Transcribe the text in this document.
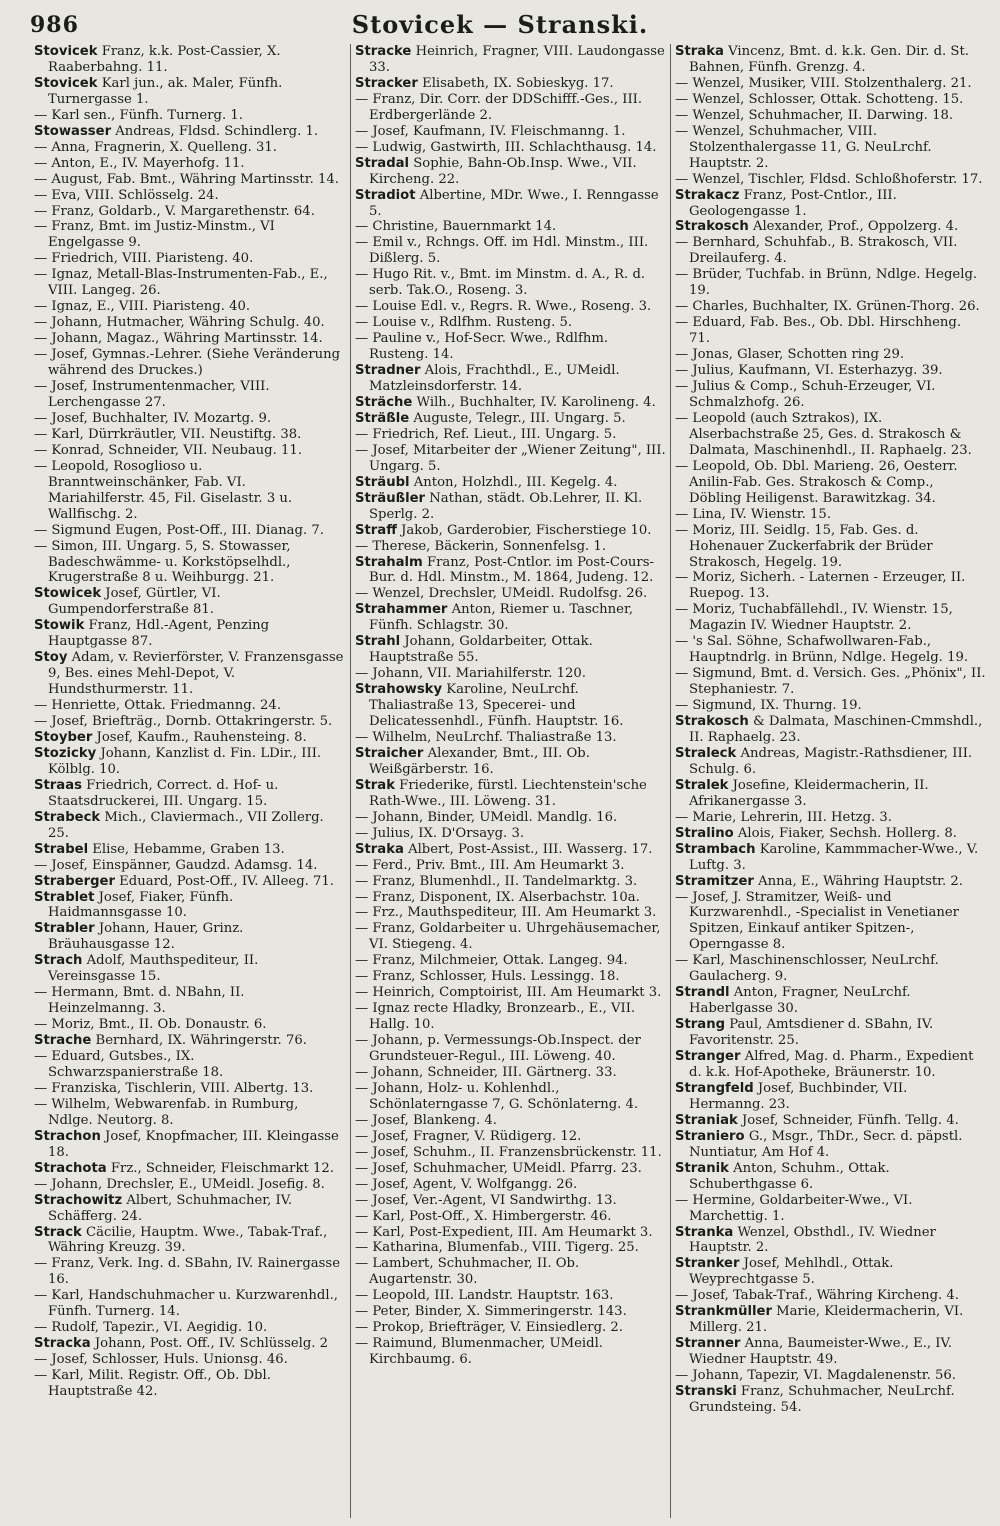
986	Stovicek — Stranski.

Stovicek Franz, k.k. Post-Cassier, X. Raaberbahng. 11.

Stovicek Karl jun., ak. Maler, Fünfh. Turnergasse 1.

— Karl sen., Fünfh. Turnerg. 1.

Stowasser Andreas, Fldsd. Schindlerg. 1.

— Anna, Fragnerin, X. Quelleng. 31.

— Anton, E., IV. Mayerhofg. 11.

— August, Fab. Bmt., Währing Martinsstr. 14.

— Eva, VIII. Schlösselg. 24.

— Franz, Goldarb., V. Margarethenstr. 64.

— Franz, Bmt. im Justiz-Minstm., VI Engelgasse 9.

— Friedrich, VIII. Piaristeng. 40.

— Ignaz, Metall-Blas-Instrumenten-Fab., E., VIII. Langeg. 26.

— Ignaz, E., VIII. Piaristeng. 40.

— Johann, Hutmacher, Währing Schulg. 40.

— Johann, Magaz., Währing Martinsstr. 14.

— Josef, Gymnas.-Lehrer. (Siehe Veränderung während des Druckes.)

— Josef, Instrumentenmacher, VIII. Lerchengasse 27.

— Josef, Buchhalter, IV. Mozartg. 9.

— Karl, Dürrkräutler, VII. Neustiftg. 38.

— Konrad, Schneider, VII. Neubaug. 11.

— Leopold, Rosoglioso u. Branntweinschänker, Fab. VI. Mariahilferstr. 45, Fil. Giselastr. 3 u. Wallfischg. 2.

— Sigmund Eugen, Post-Off., III. Dianag. 7.

— Simon, III. Ungarg. 5, S. Stowasser, Badeschwämme- u. Korkstöpselhdl., Krugerstraße 8 u. Weihburgg. 21.

Stowicek Josef, Gürtler, VI. Gumpendorferstraße 81.

Stowik Franz, Hdl.-Agent, Penzing Hauptgasse 87.

Stoy Adam, v. Revierförster, V. Franzensgasse 9, Bes. eines Mehl-Depot, V. Hundsthurmerstr. 11.

— Henriette, Ottak. Friedmanng. 24.

— Josef, Briefträg., Dornb. Ottakringerstr. 5.

Stoyber Josef, Kaufm., Rauhensteing. 8.

Stozicky Johann, Kanzlist d. Fin. LDir., III. Kölblg. 10.

Straas Friedrich, Correct. d. Hof- u. Staatsdruckerei, III. Ungarg. 15.

Strabeck Mich., Claviermach., VII Zollerg. 25.

Strabel Elise, Hebamme, Graben 13.

— Josef, Einspänner, Gaudzd. Adamsg. 14.

Straberger Eduard, Post-Off., IV. Alleeg. 71.

Strablet Josef, Fiaker, Fünfh. Haidmannsgasse 10.

Strabler Johann, Hauer, Grinz. Bräuhausgasse 12.

Strach Adolf, Mauthspediteur, II. Vereinsgasse 15.

— Hermann, Bmt. d. NBahn, II. Heinzelmanng. 3.

— Moriz, Bmt., II. Ob. Donaustr. 6.

Strache Bernhard, IX. Währingerstr. 76.

— Eduard, Gutsbes., IX. Schwarzspanierstraße 18.

— Franziska, Tischlerin, VIII. Albertg. 13.

— Wilhelm, Webwarenfab. in Rumburg, Ndlge. Neutorg. 8.

Strachon Josef, Knopfmacher, III. Kleingasse 18.

Strachota Frz., Schneider, Fleischmarkt 12.

— Johann, Drechsler, E., UMeidl. Josefig. 8.

Strachowitz Albert, Schuhmacher, IV. Schäfferg. 24.

Strack Cäcilie, Hauptm. Wwe., Tabak-Traf., Währing Kreuzg. 39.

— Franz, Verk. Ing. d. SBahn, IV. Rainergasse 16.

— Karl, Handschuhmacher u. Kurzwarenhdl., Fünfh. Turnerg. 14.

— Rudolf, Tapezir., VI. Aegidig. 10.

Stracka Johann, Post. Off., IV. Schlüsselg. 2

— Josef, Schlosser, Huls. Unionsg. 46.

— Karl, Milit. Registr. Off., Ob. Dbl. Hauptstraße 42.

Stracke Heinrich, Fragner, VIII. Laudongasse 33.

Stracker Elisabeth, IX. Sobieskyg. 17.

— Franz, Dir. Corr. der DDSchifff.-Ges., III. Erdbergerlände 2.

— Josef, Kaufmann, IV. Fleischmanng. 1.

— Ludwig, Gastwirth, III. Schlachthausg. 14.

Stradal Sophie, Bahn-Ob.Insp. Wwe., VII. Kircheng. 22.

Stradiot Albertine, MDr. Wwe., I. Renngasse 5.

— Christine, Bauernmarkt 14.

— Emil v., Rchngs. Off. im Hdl. Minstm., III. Dißlerg. 5.

— Hugo Rit. v., Bmt. im Minstm. d. A., R. d. serb. Tak.O., Roseng. 3.

— Louise Edl. v., Regrs. R. Wwe., Roseng. 3.

— Louise v., Rdlfhm. Rusteng. 5.

— Pauline v., Hof-Secr. Wwe., Rdlfhm. Rusteng. 14.

Stradner Alois, Frachthdl., E., UMeidl. Matzleinsdorferstr. 14.

Sträche Wilh., Buchhalter, IV. Karolineng. 4.

Sträßle Auguste, Telegr., III. Ungarg. 5.

— Friedrich, Ref. Lieut., III. Ungarg. 5.

— Josef, Mitarbeiter der „Wiener Zeitung", III. Ungarg. 5.

Sträubl Anton, Holzhdl., III. Kegelg. 4.

Sträußler Nathan, städt. Ob.Lehrer, II. Kl. Sperlg. 2.

Straff Jakob, Garderobier, Fischerstiege 10.

— Therese, Bäckerin, Sonnenfelsg. 1.

Strahalm Franz, Post-Cntlor. im Post-Cours-Bur. d. Hdl. Minstm., M. 1864, Judeng. 12.

— Wenzel, Drechsler, UMeidl. Rudolfsg. 26.

Strahammer Anton, Riemer u. Taschner, Fünfh. Schlagstr. 30.

Strahl Johann, Goldarbeiter, Ottak. Hauptstraße 55.

— Johann, VII. Mariahilferstr. 120.

Strahowsky Karoline, NeuLrchf. Thaliastraße 13, Specerei- und Delicatessenhdl., Fünfh. Hauptstr. 16.

— Wilhelm, NeuLrchf. Thaliastraße 13.

Straicher Alexander, Bmt., III. Ob. Weißgärberstr. 16.

Strak Friederike, fürstl. Liechtenstein'sche Rath-Wwe., III. Löweng. 31.

— Johann, Binder, UMeidl. Mandlg. 16.

— Julius, IX. D'Orsayg. 3.

Straka Albert, Post-Assist., III. Wasserg. 17.

— Ferd., Priv. Bmt., III. Am Heumarkt 3.

— Franz, Blumenhdl., II. Tandelmarktg. 3.

— Franz, Disponent, IX. Alserbachstr. 10a.

— Frz., Mauthspediteur, III. Am Heumarkt 3.

— Franz, Goldarbeiter u. Uhrgehäusemacher, VI. Stiegeng. 4.

— Franz, Milchmeier, Ottak. Langeg. 94.

— Franz, Schlosser, Huls. Lessingg. 18.

— Heinrich, Comptoirist, III. Am Heumarkt 3.

— Ignaz recte Hladky, Bronzearb., E., VII. Hallg. 10.

— Johann, p. Vermessungs-Ob.Inspect. der Grundsteuer-Regul., III. Löweng. 40.

— Johann, Schneider, III. Gärtnerg. 33.

— Johann, Holz- u. Kohlenhdl., Schönlaterngasse 7, G. Schönlaterng. 4.

— Josef, Blankeng. 4.

— Josef, Fragner, V. Rüdigerg. 12.

— Josef, Schuhm., II. Franzensbrückenstr. 11.

— Josef, Schuhmacher, UMeidl. Pfarrg. 23.

— Josef, Agent, V. Wolfgangg. 26.

— Josef, Ver.-Agent, VI Sandwirthg. 13.

— Karl, Post-Off., X. Himbergerstr. 46.

— Karl, Post-Expedient, III. Am Heumarkt 3.

— Katharina, Blumenfab., VIII. Tigerg. 25.

— Lambert, Schuhmacher, II. Ob. Augartenstr. 30.

— Leopold, III. Landstr. Hauptstr. 163.

— Peter, Binder, X. Simmeringerstr. 143.

— Prokop, Briefträger, V. Einsiedlerg. 2.

— Raimund, Blumenmacher, UMeidl. Kirchbaumg. 6.

Straka Vincenz, Bmt. d. k.k. Gen. Dir. d. St. Bahnen, Fünfh. Grenzg. 4.

— Wenzel, Musiker, VIII. Stolzenthalerg. 21.

— Wenzel, Schlosser, Ottak. Schotteng. 15.

— Wenzel, Schuhmacher, II. Darwing. 18.

— Wenzel, Schuhmacher, VIII. Stolzenthalergasse 11, G. NeuLrchf. Hauptstr. 2.

— Wenzel, Tischler, Fldsd. Schloßhoferstr. 17.

Strakacz Franz, Post-Cntlor., III. Geologengasse 1.

Strakosch Alexander, Prof., Oppolzerg. 4.

— Bernhard, Schuhfab., B. Strakosch, VII. Dreilauferg. 4.

— Brüder, Tuchfab. in Brünn, Ndlge. Hegelg. 19.

— Charles, Buchhalter, IX. Grünen-Thorg. 26.

— Eduard, Fab. Bes., Ob. Dbl. Hirschheng. 71.

— Jonas, Glaser, Schotten ring 29.

— Julius, Kaufmann, VI. Esterhazyg. 39.

— Julius & Comp., Schuh-Erzeuger, VI. Schmalzhofg. 26.

— Leopold (auch Sztrakos), IX. Alserbachstraße 25, Ges. d. Strakosch & Dalmata, Maschinenhdl., II. Raphaelg. 23.

— Leopold, Ob. Dbl. Marieng. 26, Oesterr. Anilin-Fab. Ges. Strakosch & Comp., Döbling Heiligenst. Barawitzkag. 34.

— Lina, IV. Wienstr. 15.

— Moriz, III. Seidlg. 15, Fab. Ges. d. Hohenauer Zuckerfabrik der Brüder Strakosch, Hegelg. 19.

— Moriz, Sicherh. - Laternen - Erzeuger, II. Ruepog. 13.

— Moriz, Tuchabfällehdl., IV. Wienstr. 15, Magazin IV. Wiedner Hauptstr. 2.

— 's Sal. Söhne, Schafwollwaren-Fab., Hauptndrlg. in Brünn, Ndlge. Hegelg. 19.

— Sigmund, Bmt. d. Versich. Ges. „Phönix", II. Stephaniestr. 7.

— Sigmund, IX. Thurng. 19.

Strakosch & Dalmata, Maschinen-Cmmshdl., II. Raphaelg. 23.

Straleck Andreas, Magistr.-Rathsdiener, III. Schulg. 6.

Stralek Josefine, Kleidermacherin, II. Afrikanergasse 3.

— Marie, Lehrerin, III. Hetzg. 3.

Stralino Alois, Fiaker, Sechsh. Hollerg. 8.

Strambach Karoline, Kammmacher-Wwe., V. Luftg. 3.

Stramitzer Anna, E., Währing Hauptstr. 2.

— Josef, J. Stramitzer, Weiß- und Kurzwarenhdl., -Specialist in Venetianer Spitzen, Einkauf antiker Spitzen-, Operngasse 8.

— Karl, Maschinenschlosser, NeuLrchf. Gaulacherg. 9.

Strandl Anton, Fragner, NeuLrchf. Haberlgasse 30.

Strang Paul, Amtsdiener d. SBahn, IV. Favoritenstr. 25.

Stranger Alfred, Mag. d. Pharm., Expedient d. k.k. Hof-Apotheke, Bräunerstr. 10.

Strangfeld Josef, Buchbinder, VII. Hermanng. 23.

Straniak Josef, Schneider, Fünfh. Tellg. 4.

Straniero G., Msgr., ThDr., Secr. d. päpstl. Nuntiatur, Am Hof 4.

Stranik Anton, Schuhm., Ottak. Schuberthgasse 6.

— Hermine, Goldarbeiter-Wwe., VI. Marchettig. 1.

Stranka Wenzel, Obsthdl., IV. Wiedner Hauptstr. 2.

Stranker Josef, Mehlhdl., Ottak. Weyprechtgasse 5.

— Josef, Tabak-Traf., Währing Kircheng. 4.

Strankmüller Marie, Kleidermacherin, VI. Millerg. 21.

Stranner Anna, Baumeister-Wwe., E., IV. Wiedner Hauptstr. 49.

— Johann, Tapezir, VI. Magdalenenstr. 56.

Stranski Franz, Schuhmacher, NeuLrchf. Grundsteing. 54.
